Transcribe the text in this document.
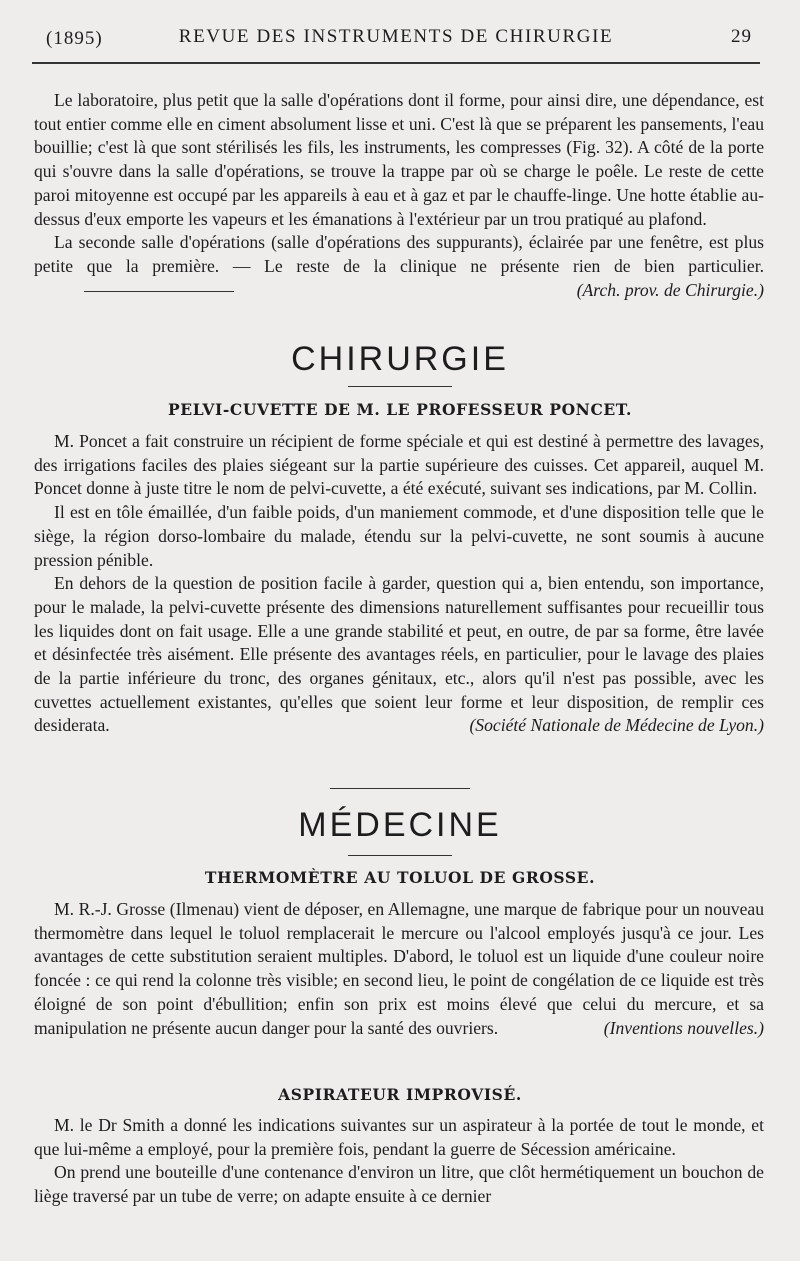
(1895)	REVUE DES INSTRUMENTS DE CHIRURGIE	29

Le laboratoire, plus petit que la salle d'opérations dont il forme, pour ainsi dire, une dépendance, est tout entier comme elle en ciment absolument lisse et uni. C'est là que se préparent les pansements, l'eau bouillie; c'est là que sont stérilisés les fils, les instruments, les compresses (Fig. 32). A côté de la porte qui s'ouvre dans la salle d'opérations, se trouve la trappe par où se charge le poêle. Le reste de cette paroi mitoyenne est occupé par les appareils à eau et à gaz et par le chauffe-linge. Une hotte établie au-dessus d'eux emporte les vapeurs et les émanations à l'extérieur par un trou pratiqué au plafond.

La seconde salle d'opérations (salle d'opérations des suppurants), éclairée par une fenêtre, est plus petite que la première. — Le reste de la clinique ne présente rien de bien particulier.
(Arch. prov. de Chirurgie.)

CHIRURGIE
PELVI-CUVETTE DE M. LE PROFESSEUR PONCET.

M. Poncet a fait construire un récipient de forme spéciale et qui est destiné à permettre des lavages, des irrigations faciles des plaies siégeant sur la partie supérieure des cuisses. Cet appareil, auquel M. Poncet donne à juste titre le nom de pelvi-cuvette, a été exécuté, suivant ses indications, par M. Collin.

Il est en tôle émaillée, d'un faible poids, d'un maniement commode, et d'une disposition telle que le siège, la région dorso-lombaire du malade, étendu sur la pelvi-cuvette, ne sont soumis à aucune pression pénible.

En dehors de la question de position facile à garder, question qui a, bien entendu, son importance, pour le malade, la pelvi-cuvette présente des dimensions naturellement suffisantes pour recueillir tous les liquides dont on fait usage. Elle a une grande stabilité et peut, en outre, de par sa forme, être lavée et désinfectée très aisément. Elle présente des avantages réels, en particulier, pour le lavage des plaies de la partie inférieure du tronc, des organes génitaux, etc., alors qu'il n'est pas possible, avec les cuvettes actuellement existantes, qu'elles que soient leur forme et leur disposition, de remplir ces desiderata.	(Société Nationale de Médecine de Lyon.)

MÉDECINE
THERMOMÈTRE AU TOLUOL DE GROSSE.

M. R.-J. Grosse (Ilmenau) vient de déposer, en Allemagne, une marque de fabrique pour un nouveau thermomètre dans lequel le toluol remplacerait le mercure ou l'alcool employés jusqu'à ce jour. Les avantages de cette substitution seraient multiples. D'abord, le toluol est un liquide d'une couleur noire foncée : ce qui rend la colonne très visible; en second lieu, le point de congélation de ce liquide est très éloigné de son point d'ébullition; enfin son prix est moins élevé que celui du mercure, et sa manipulation ne présente aucun danger pour la santé des ouvriers.	(Inventions nouvelles.)

ASPIRATEUR IMPROVISÉ.

M. le Dr Smith a donné les indications suivantes sur un aspirateur à la portée de tout le monde, et que lui-même a employé, pour la première fois, pendant la guerre de Sécession américaine.

On prend une bouteille d'une contenance d'environ un litre, que clôt hermétiquement un bouchon de liège traversé par un tube de verre; on adapte ensuite à ce dernier
